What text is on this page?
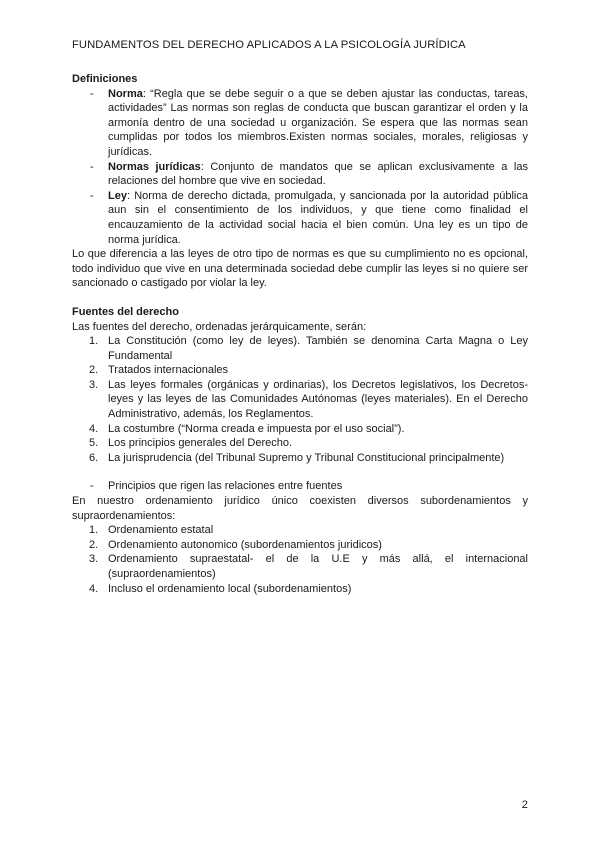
FUNDAMENTOS DEL DERECHO APLICADOS A LA PSICOLOGÍA JURÍDICA

Definiciones

- Norma: “Regla que se debe seguir o a que se deben ajustar las conductas, tareas, actividades” Las normas son reglas de conducta que buscan garantizar el orden y la armonía dentro de una sociedad u organización. Se espera que las normas sean cumplidas por todos los miembros.Existen normas sociales, morales, religiosas y jurídicas.
- Normas jurídicas: Conjunto de mandatos que se aplican exclusivamente a las relaciones del hombre que vive en sociedad.
- Ley: Norma de derecho dictada, promulgada, y sancionada por la autoridad pública aun sin el consentimiento de los individuos, y que tiene como finalidad el encauzamiento de la actividad social hacia el bien común. Una ley es un tipo de norma jurídica.

Lo que diferencia a las leyes de otro tipo de normas es que su cumplimiento no es opcional, todo individuo que vive en una determinada sociedad debe cumplir las leyes si no quiere ser sancionado o castigado por violar la ley.

Fuentes del derecho

Las fuentes del derecho, ordenadas jerárquicamente, serán:

1. La Constitución (como ley de leyes). También se denomina Carta Magna o Ley Fundamental
2. Tratados internacionales
3. Las leyes formales (orgánicas y ordinarias), los Decretos legislativos, los Decretos-leyes y las leyes de las Comunidades Autónomas (leyes materiales). En el Derecho Administrativo, además, los Reglamentos.
4. La costumbre (“Norma creada e impuesta por el uso social”).
5. Los principios generales del Derecho.
6. La jurisprudencia (del Tribunal Supremo y Tribunal Constitucional principalmente)
- Principios que rigen las relaciones entre fuentes

En nuestro ordenamiento jurídico único coexisten diversos subordenamientos y supraordenamientos:

1. Ordenamiento estatal
2. Ordenamiento autonomico (subordenamientos juridicos)
3. Ordenamiento supraestatal- el de la U.E y más allá, el internacional (supraordenamientos)
4. Incluso el ordenamiento local (subordenamientos)
2
